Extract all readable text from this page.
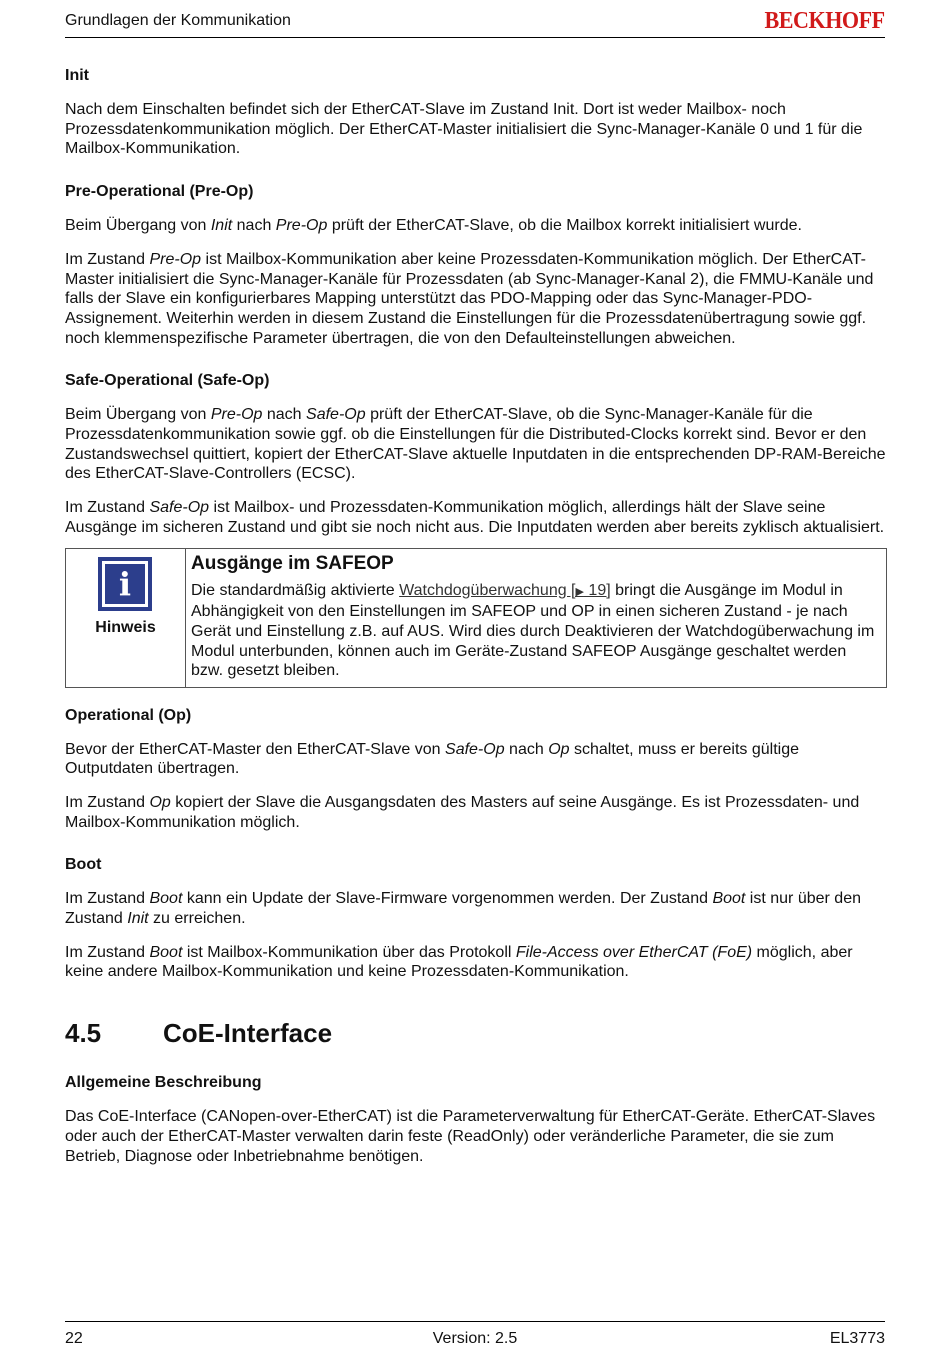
Grundlagen der Kommunikation	BECKHOFF
Init

Nach dem Einschalten befindet sich der EtherCAT-Slave im Zustand Init. Dort ist weder Mailbox- noch Prozessdatenkommunikation möglich. Der EtherCAT-Master initialisiert die Sync-Manager-Kanäle 0 und 1 für die Mailbox-Kommunikation.

Pre-Operational (Pre-Op)

Beim Übergang von Init nach Pre-Op prüft der EtherCAT-Slave, ob die Mailbox korrekt initialisiert wurde.

Im Zustand Pre-Op ist Mailbox-Kommunikation aber keine Prozessdaten-Kommunikation möglich. Der EtherCAT-Master initialisiert die Sync-Manager-Kanäle für Prozessdaten (ab Sync-Manager-Kanal 2), die FMMU-Kanäle und falls der Slave ein konfigurierbares Mapping unterstützt das PDO-Mapping oder das Sync-Manager-PDO-Assignement. Weiterhin werden in diesem Zustand die Einstellungen für die Prozessdatenübertragung sowie ggf. noch klemmenspezifische Parameter übertragen, die von den Defaulteinstellungen abweichen.

Safe-Operational (Safe-Op)

Beim Übergang von Pre-Op nach Safe-Op prüft der EtherCAT-Slave, ob die Sync-Manager-Kanäle für die Prozessdatenkommunikation sowie ggf. ob die Einstellungen für die Distributed-Clocks korrekt sind. Bevor er den Zustandswechsel quittiert, kopiert der EtherCAT-Slave aktuelle Inputdaten in die entsprechenden DP-RAM-Bereiche des EtherCAT-Slave-Controllers (ECSC).

Im Zustand Safe-Op ist Mailbox- und Prozessdaten-Kommunikation möglich, allerdings hält der Slave seine Ausgänge im sicheren Zustand und gibt sie noch nicht aus. Die Inputdaten werden aber bereits zyklisch aktualisiert.

i
Hinweis
Ausgänge im SAFEOP
Die standardmäßig aktivierte Watchdogüberwachung [▶ 19] bringt die Ausgänge im Modul in Abhängigkeit von den Einstellungen im SAFEOP und OP in einen sicheren Zustand - je nach Gerät und Einstellung z.B. auf AUS. Wird dies durch Deaktivieren der Watchdogüberwachung im Modul unterbunden, können auch im Geräte-Zustand SAFEOP Ausgänge geschaltet werden bzw. gesetzt bleiben.
Operational (Op)

Bevor der EtherCAT-Master den EtherCAT-Slave von Safe-Op nach Op schaltet, muss er bereits gültige Outputdaten übertragen.

Im Zustand Op kopiert der Slave die Ausgangsdaten des Masters auf seine Ausgänge. Es ist Prozessdaten- und Mailbox-Kommunikation möglich.

Boot

Im Zustand Boot kann ein Update der Slave-Firmware vorgenommen werden. Der Zustand Boot ist nur über den Zustand Init zu erreichen.

Im Zustand Boot ist Mailbox-Kommunikation über das Protokoll File-Access over EtherCAT (FoE) möglich, aber keine andere Mailbox-Kommunikation und keine Prozessdaten-Kommunikation.

4.5	CoE-Interface
Allgemeine Beschreibung

Das CoE-Interface (CANopen-over-EtherCAT) ist die Parameterverwaltung für EtherCAT-Geräte. EtherCAT-Slaves oder auch der EtherCAT-Master verwalten darin feste (ReadOnly) oder veränderliche Parameter, die sie zum Betrieb, Diagnose oder Inbetriebnahme benötigen.

22	Version: 2.5	EL3773
